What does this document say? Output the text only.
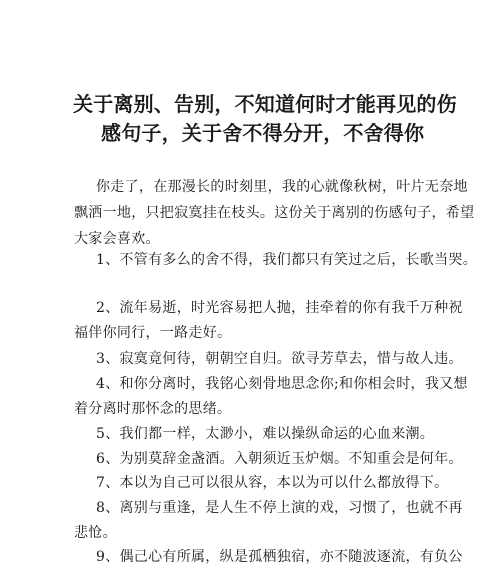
关于离别、告别，不知道何时才能再见的伤
感句子，关于舍不得分开，不舍得你
你走了，在那漫长的时刻里，我的心就像秋树，叶片无奈地
飘洒一地，只把寂寞挂在枝头。这份关于离别的伤感句子，希望
大家会喜欢。
1、不管有多么的舍不得，我们都只有笑过之后，长歌当哭。
2、流年易逝，时光容易把人抛，挂牵着的你有我千万种祝
福伴你同行，一路走好。
3、寂寞竟何待，朝朝空自归。欲寻芳草去，惜与故人违。
4、和你分离时，我铭心刻骨地思念你;和你相会时，我又想
着分离时那怀念的思绪。
5、我们都一样，太渺小，难以操纵命运的心血来潮。
6、为别莫辞金盏酒。入朝须近玉炉烟。不知重会是何年。
7、本以为自己可以很从容，本以为可以什么都放得下。
8、离别与重逢，是人生不停上演的戏，习惯了，也就不再
悲怆。
9、偶己心有所属，纵是孤栖独宿，亦不随波逐流，有负公
